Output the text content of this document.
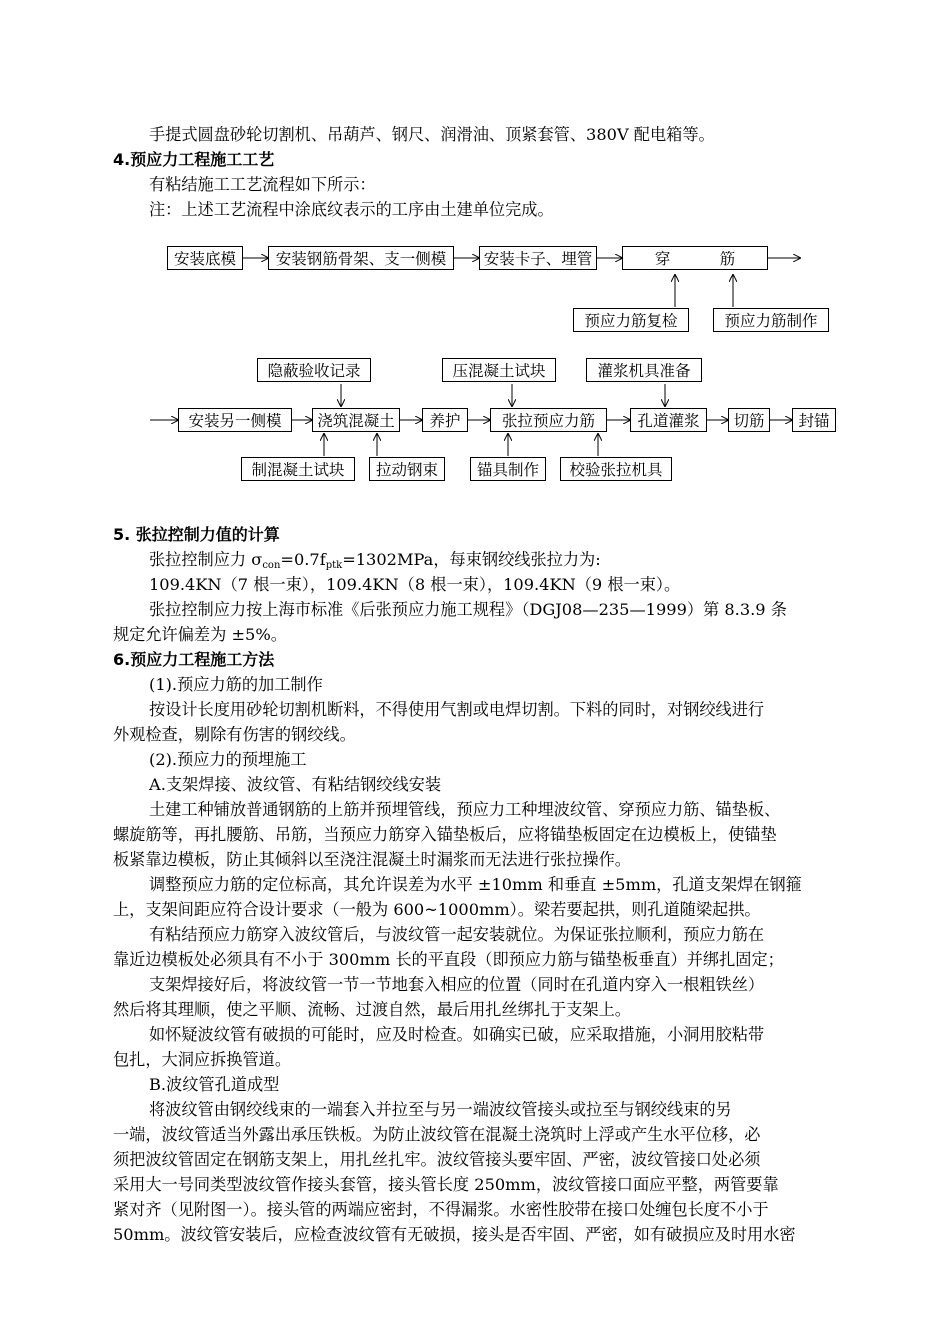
手提式圆盘砂轮切割机、吊葫芦、钢尺、润滑油、顶紧套管、380V 配电箱等。
4.预应力工程施工工艺
有粘结施工工艺流程如下所示：
注：上述工艺流程中涂底纹表示的工序由土建单位完成。
安装底模	安装钢筋骨架、支一侧模	安装卡子、埋管	穿          筋
预应力筋复检	预应力筋制作
隐蔽验收记录	压混凝土试块	灌浆机具准备
安装另一侧模	浇筑混凝土	养护	张拉预应力筋	孔道灌浆	切筋	封锚
制混凝土试块	拉动钢束	锚具制作	校验张拉机具
5. 张拉控制力值的计算
张拉控制应力 $\sigma_{con}=0.7f_{ptk}=1302MPa$，每束钢绞线张拉力为:
109.4KN（7 根一束），109.4KN（8 根一束），109.4KN（9 根一束）。
张拉控制应力按上海市标准《后张预应力施工规程》（DGJ08—235—1999）第 8.3.9 条
规定允许偏差为 ±5%。
6.预应力工程施工方法
(1).预应力筋的加工制作
按设计长度用砂轮切割机断料，不得使用气割或电焊切割。下料的同时，对钢绞线进行
外观检查，剔除有伤害的钢绞线。
(2).预应力的预埋施工
A.支架焊接、波纹管、有粘结钢绞线安装
土建工种铺放普通钢筋的上筋并预埋管线，预应力工种埋波纹管、穿预应力筋、锚垫板、
螺旋筋等，再扎腰筋、吊筋，当预应力筋穿入锚垫板后，应将锚垫板固定在边模板上，使锚垫
板紧靠边模板，防止其倾斜以至浇注混凝土时漏浆而无法进行张拉操作。
调整预应力筋的定位标高，其允许误差为水平 ±10mm 和垂直 ±5mm，孔道支架焊在钢箍
上，支架间距应符合设计要求（一般为 600~1000mm）。梁若要起拱，则孔道随梁起拱。
有粘结预应力筋穿入波纹管后，与波纹管一起安装就位。为保证张拉顺利，预应力筋在
靠近边模板处必须具有不小于 300mm 长的平直段（即预应力筋与锚垫板垂直）并绑扎固定；
支架焊接好后，将波纹管一节一节地套入相应的位置（同时在孔道内穿入一根粗铁丝）
然后将其理顺，使之平顺、流畅、过渡自然，最后用扎丝绑扎于支架上。
如怀疑波纹管有破损的可能时，应及时检查。如确实已破，应采取措施，小洞用胶粘带
包扎，大洞应拆换管道。
B.波纹管孔道成型
将波纹管由钢绞线束的一端套入并拉至与另一端波纹管接头或拉至与钢绞线束的另
一端，波纹管适当外露出承压铁板。为防止波纹管在混凝土浇筑时上浮或产生水平位移，必
须把波纹管固定在钢筋支架上，用扎丝扎牢。波纹管接头要牢固、严密，波纹管接口处必须
采用大一号同类型波纹管作接头套管，接头管长度 250mm，波纹管接口面应平整，两管要靠
紧对齐（见附图一）。接头管的两端应密封，不得漏浆。水密性胶带在接口处缠包长度不小于
50mm。波纹管安装后，应检查波纹管有无破损，接头是否牢固、严密，如有破损应及时用水密
